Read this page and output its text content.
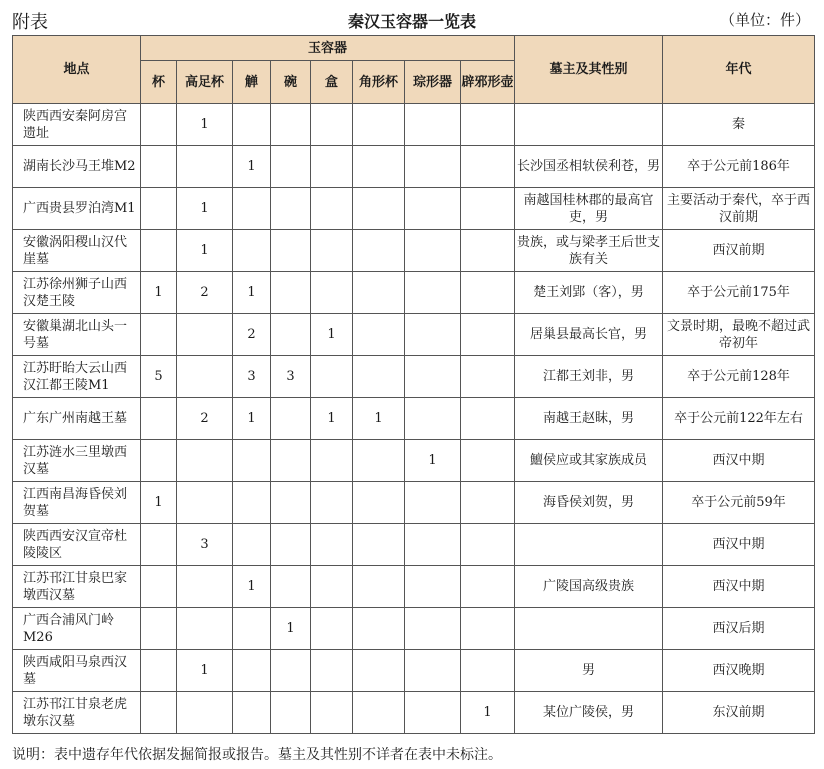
附表	秦汉玉容器一览表	（单位：件）
地点	玉容器								墓主及其性别	年代
	杯	高足杯	觯	碗	盒	角形杯	琮形器	辟邪形壶		
陕西西安秦阿房宫遗址		1								秦
湖南长沙马王堆M2			1						长沙国丞相轪侯利苍，男	卒于公元前186年
广西贵县罗泊湾M1		1							南越国桂林郡的最高官吏，男	主要活动于秦代，卒于西汉前期
安徽涡阳稷山汉代崖墓		1							贵族，或与梁孝王后世支族有关	西汉前期
江苏徐州狮子山西汉楚王陵	1	2	1						楚王刘郢（客），男	卒于公元前175年
安徽巢湖北山头一号墓			2		1				居巢县最高长官，男	文景时期，最晚不超过武帝初年
江苏盱眙大云山西汉江都王陵M1	5		3	3					江都王刘非，男	卒于公元前128年
广东广州南越王墓		2	1		1	1			南越王赵眜，男	卒于公元前122年左右
江苏涟水三里墩西汉墓							1		鱣侯应或其家族成员	西汉中期
江西南昌海昏侯刘贺墓	1								海昏侯刘贺，男	卒于公元前59年
陕西西安汉宣帝杜陵陵区		3								西汉中期
江苏邗江甘泉巴家墩西汉墓			1						广陵国高级贵族	西汉中期
广西合浦风门岭M26				1						西汉后期
陕西咸阳马泉西汉墓		1							男	西汉晚期
江苏邗江甘泉老虎墩东汉墓								1	某位广陵侯，男	东汉前期
说明：表中遗存年代依据发掘简报或报告。墓主及其性别不详者在表中未标注。
